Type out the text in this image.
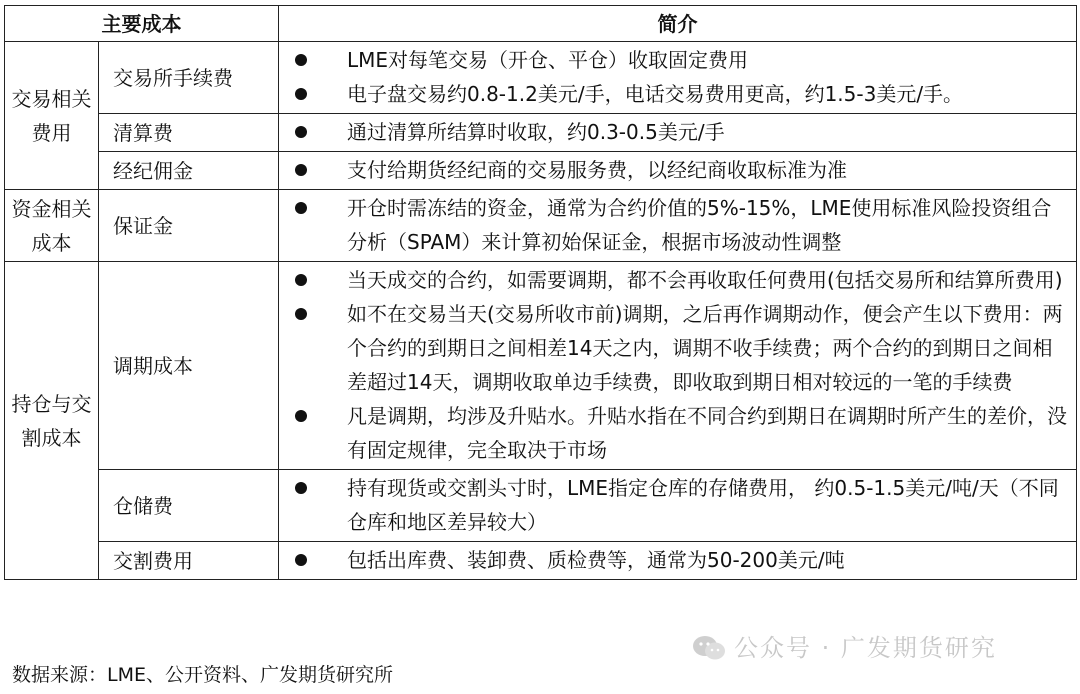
主要成本		简介
交易相关费用	交易所手续费	LME对每笔交易（开仓、平仓）收取固定费用
电子盘交易约0.8-1.2美元/手，电话交易费用更高，约1.5-3美元/手。

	清算费	通过清算所结算时收取，约0.3-0.5美元/手

	经纪佣金	支付给期货经纪商的交易服务费，以经纪商收取标准为准

资金相关成本	保证金	开仓时需冻结的资金，通常为合约价值的5%-15%，LME使用标准风险投资组合分析（SPAM）来计算初始保证金，根据市场波动性调整

持仓与交割成本	调期成本	当天成交的合约，如需要调期，都不会再收取任何费用(包括交易所和结算所费用)
如不在交易当天(交易所收市前)调期，之后再作调期动作，便会产生以下费用：两个合约的到期日之间相差14天之内，调期不收手续费；两个合约的到期日之间相差超过14天，调期收取单边手续费，即收取到期日相对较远的一笔的手续费
凡是调期，均涉及升贴水。升贴水指在不同合约到期日在调期时所产生的差价，没有固定规律，完全取决于市场

	仓储费	持有现货或交割头寸时，LME指定仓库的存储费用， 约0.5-1.5美元/吨/天（不同仓库和地区差异较大）

	交割费用	包括出库费、装卸费、质检费等，通常为50-200美元/吨
数据来源：LME、公开资料、广发期货研究所
公众号 · 广发期货研究
